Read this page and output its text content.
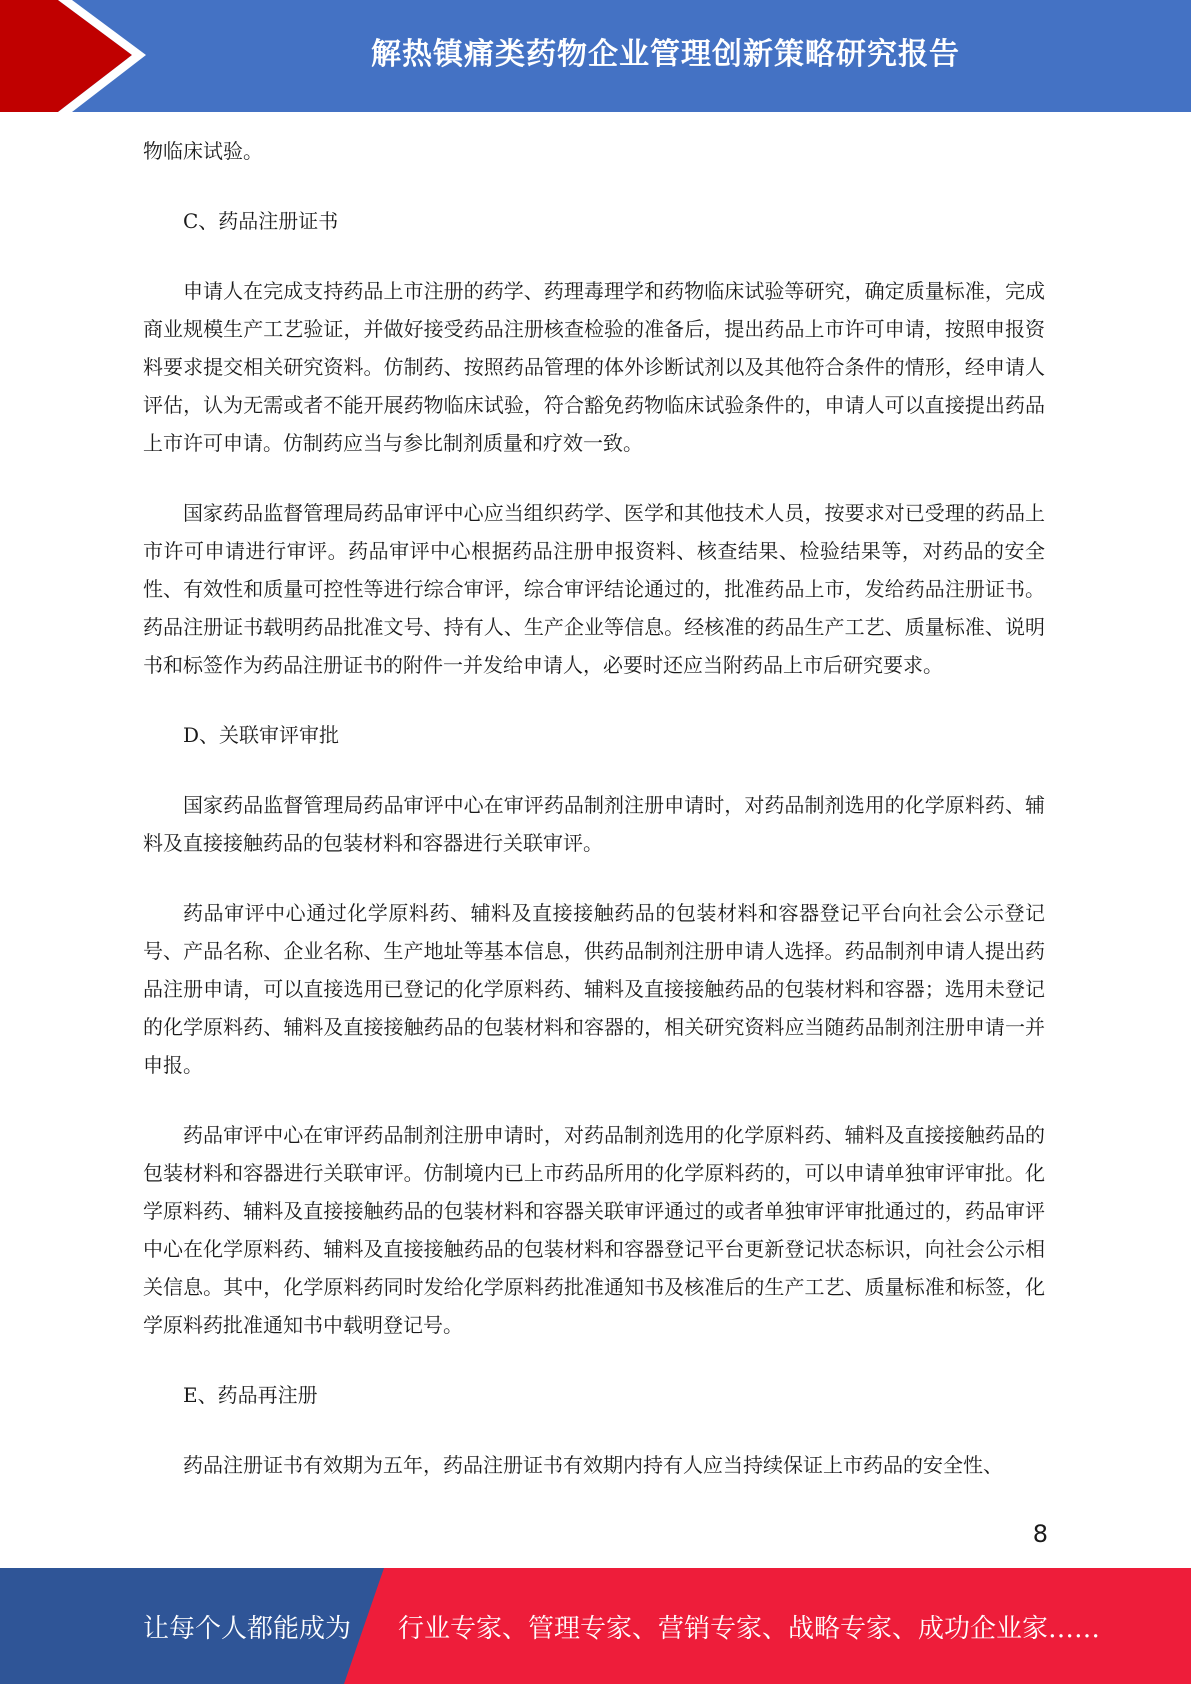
解热镇痛类药物企业管理创新策略研究报告

物临床试验。

C、药品注册证书

申请人在完成支持药品上市注册的药学、药理毒理学和药物临床试验等研究，确定质量标准，完成商业规模生产工艺验证，并做好接受药品注册核查检验的准备后，提出药品上市许可申请，按照申报资料要求提交相关研究资料。仿制药、按照药品管理的体外诊断试剂以及其他符合条件的情形，经申请人评估，认为无需或者不能开展药物临床试验，符合豁免药物临床试验条件的，申请人可以直接提出药品上市许可申请。仿制药应当与参比制剂质量和疗效一致。

国家药品监督管理局药品审评中心应当组织药学、医学和其他技术人员，按要求对已受理的药品上市许可申请进行审评。药品审评中心根据药品注册申报资料、核查结果、检验结果等，对药品的安全性、有效性和质量可控性等进行综合审评，综合审评结论通过的，批准药品上市，发给药品注册证书。药品注册证书载明药品批准文号、持有人、生产企业等信息。经核准的药品生产工艺、质量标准、说明书和标签作为药品注册证书的附件一并发给申请人，必要时还应当附药品上市后研究要求。

D、关联审评审批

国家药品监督管理局药品审评中心在审评药品制剂注册申请时，对药品制剂选用的化学原料药、辅料及直接接触药品的包装材料和容器进行关联审评。

药品审评中心通过化学原料药、辅料及直接接触药品的包装材料和容器登记平台向社会公示登记号、产品名称、企业名称、生产地址等基本信息，供药品制剂注册申请人选择。药品制剂申请人提出药品注册申请，可以直接选用已登记的化学原料药、辅料及直接接触药品的包装材料和容器；选用未登记的化学原料药、辅料及直接接触药品的包装材料和容器的，相关研究资料应当随药品制剂注册申请一并申报。

药品审评中心在审评药品制剂注册申请时，对药品制剂选用的化学原料药、辅料及直接接触药品的包装材料和容器进行关联审评。仿制境内已上市药品所用的化学原料药的，可以申请单独审评审批。化学原料药、辅料及直接接触药品的包装材料和容器关联审评通过的或者单独审评审批通过的，药品审评中心在化学原料药、辅料及直接接触药品的包装材料和容器登记平台更新登记状态标识，向社会公示相关信息。其中，化学原料药同时发给化学原料药批准通知书及核准后的生产工艺、质量标准和标签，化学原料药批准通知书中载明登记号。

E、药品再注册

药品注册证书有效期为五年，药品注册证书有效期内持有人应当持续保证上市药品的安全性、

8
让每个人都能成为 行业专家、管理专家、营销专家、战略专家、成功企业家……
